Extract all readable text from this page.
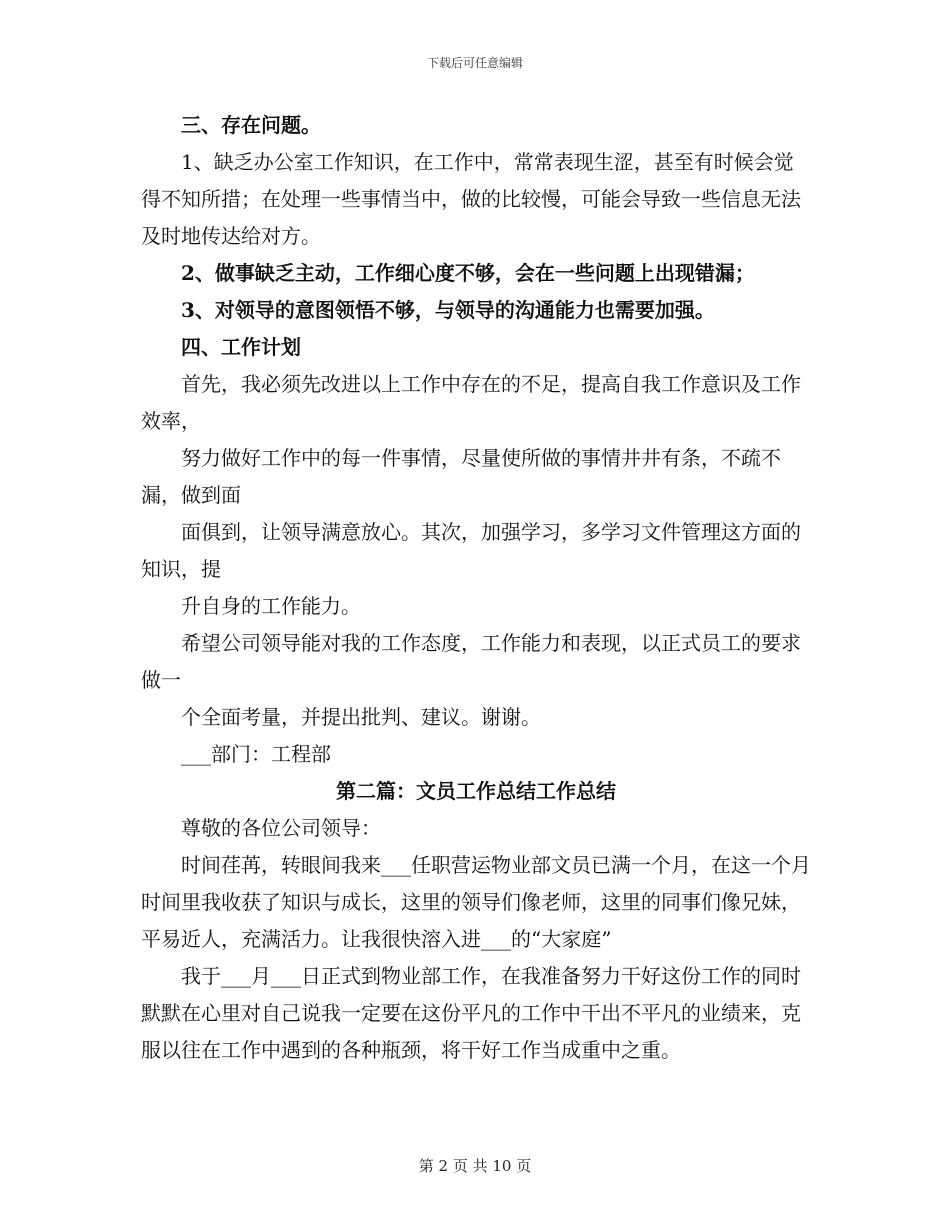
下载后可任意编辑

三、存在问题。

1、缺乏办公室工作知识，在工作中，常常表现生涩，甚至有时候会觉得不知所措；在处理一些事情当中，做的比较慢，可能会导致一些信息无法及时地传达给对方。

2、做事缺乏主动，工作细心度不够，会在一些问题上出现错漏；

3、对领导的意图领悟不够，与领导的沟通能力也需要加强。

四、工作计划

首先，我必须先改进以上工作中存在的不足，提高自我工作意识及工作效率，

努力做好工作中的每一件事情，尽量使所做的事情井井有条，不疏不漏，做到面

面俱到，让领导满意放心。其次，加强学习，多学习文件管理这方面的知识，提

升自身的工作能力。

希望公司领导能对我的工作态度，工作能力和表现，以正式员工的要求做一

个全面考量，并提出批判、建议。谢谢。

___部门：工程部

第二篇：文员工作总结工作总结

尊敬的各位公司领导：

时间荏苒，转眼间我来___任职营运物业部文员已满一个月，在这一个月时间里我收获了知识与成长，这里的领导们像老师，这里的同事们像兄妹，平易近人，充满活力。让我很快溶入进___的“大家庭”

我于___月___日正式到物业部工作，在我准备努力干好这份工作的同时默默在心里对自己说我一定要在这份平凡的工作中干出不平凡的业绩来，克服以往在工作中遇到的各种瓶颈，将干好工作当成重中之重。

第 2 页 共 10 页
